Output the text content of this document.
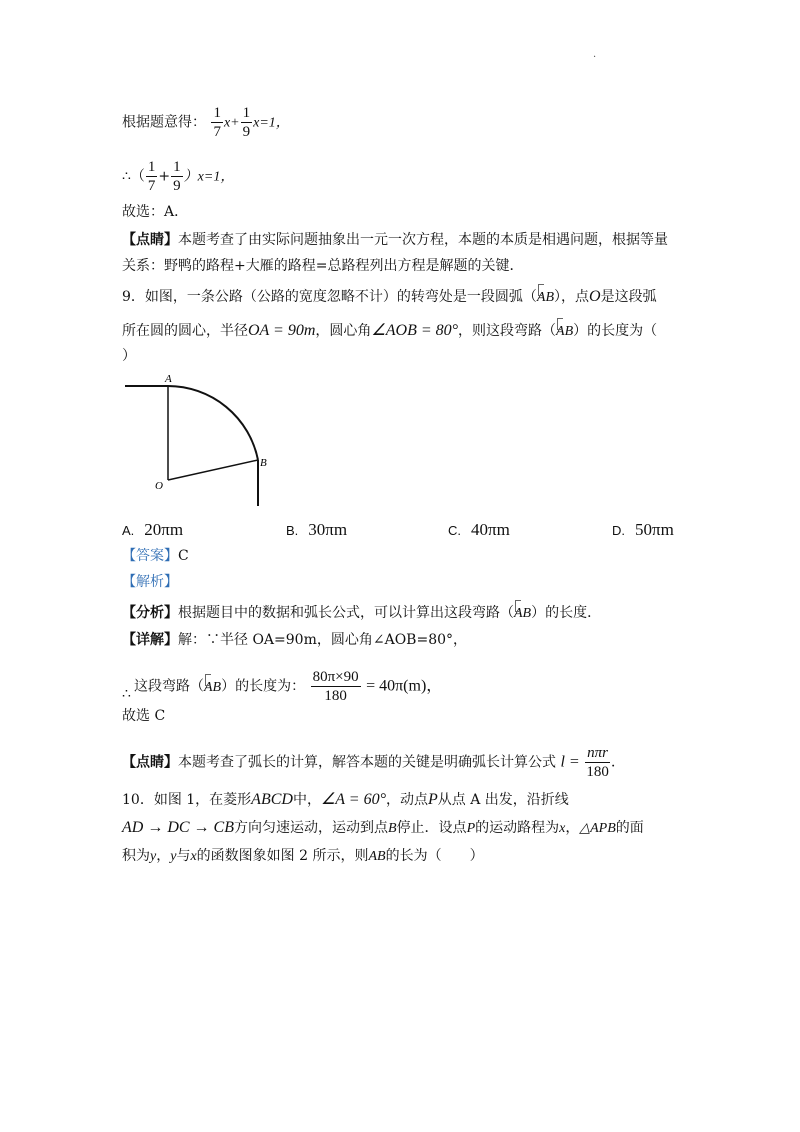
·
根据题意得： $\frac{1}{7} x+ \frac{1}{9} x=1$，
∴（ $\frac{1}{7} + \frac{1}{9} )x=1$，
故选：A．
【点睛】本题考查了由实际问题抽象出一元一次方程，本题的本质是相遇问题，根据等量
关系：野鸭的路程+大雁的路程=总路程列出方程是解题的关键．
9．如图，一条公路（公路的宽度忽略不计）的转弯处是一段圆弧（AB），点O是这段弧
所在圆的圆心，半径OA = 90m，圆心角∠AOB = 80°，则这段弯路（AB）的长度为（
）
A
B
O
A. 20πm	B. 30πm	C. 40πm	D. 50πm
【答案】C
【解析】
【分析】根据题目中的数据和弧长公式，可以计算出这段弯路（AB）的长度．
【详解】解：∵半径 OA=90m，圆心角∠AOB=80°，
∴ 这段弯路（AB）的长度为： $\frac{80\pi\times 90}{180} = 40\pi(m)$，
故选 C
【点睛】本题考查了弧长的计算，解答本题的关键是明确弧长计算公式 $l = \frac{\text{nπr}}{180}$ ．
10．如图 1，在菱形ABCD中，∠A = 60°，动点P从点 A 出发，沿折线
AD → DC → CB方向匀速运动，运动到点B停止．设点P的运动路程为x，△APB的面
积为y，y与x的函数图象如图 2 所示，则AB的长为（　　）
